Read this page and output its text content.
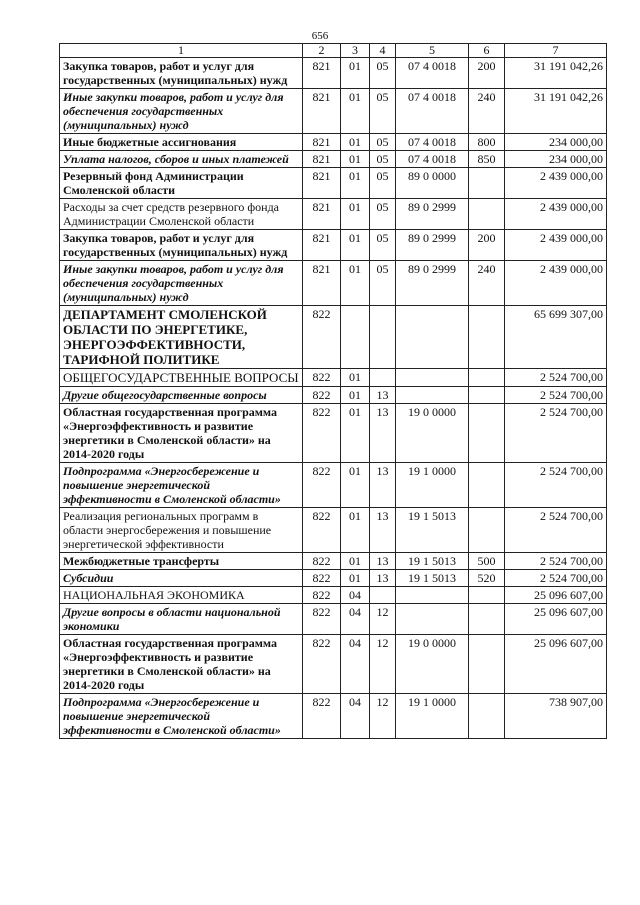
656
1	2	3	4	5	6	7
Закупка товаров, работ и услуг для государственных (муниципальных) нужд	821	01	05	07 4 0018	200	31 191 042,26
Иные закупки товаров, работ и услуг для обеспечения государственных (муниципальных) нужд	821	01	05	07 4 0018	240	31 191 042,26
Иные бюджетные ассигнования	821	01	05	07 4 0018	800	234 000,00
Уплата налогов, сборов и иных платежей	821	01	05	07 4 0018	850	234 000,00
Резервный фонд Администрации Смоленской области	821	01	05	89 0 0000		2 439 000,00
Расходы за счет средств резервного фонда Администрации Смоленской области	821	01	05	89 0 2999		2 439 000,00
Закупка товаров, работ и услуг для государственных (муниципальных) нужд	821	01	05	89 0 2999	200	2 439 000,00
Иные закупки товаров, работ и услуг для обеспечения государственных (муниципальных) нужд	821	01	05	89 0 2999	240	2 439 000,00
ДЕПАРТАМЕНТ СМОЛЕНСКОЙ ОБЛАСТИ ПО ЭНЕРГЕТИКЕ, ЭНЕРГОЭФФЕКТИВНОСТИ, ТАРИФНОЙ ПОЛИТИКЕ	822					65 699 307,00
ОБЩЕГОСУДАРСТВЕННЫЕ ВОПРОСЫ	822	01				2 524 700,00
Другие общегосударственные вопросы	822	01	13			2 524 700,00
Областная государственная программа «Энергоэффективность и развитие энергетики в Смоленской области» на 2014-2020 годы	822	01	13	19 0 0000		2 524 700,00
Подпрограмма «Энергосбережение и повышение энергетической эффективности в Смоленской области»	822	01	13	19 1 0000		2 524 700,00
Реализация региональных программ в области энергосбережения и повышение энергетической эффективности	822	01	13	19 1 5013		2 524 700,00
Межбюджетные трансферты	822	01	13	19 1 5013	500	2 524 700,00
Субсидии	822	01	13	19 1 5013	520	2 524 700,00
НАЦИОНАЛЬНАЯ ЭКОНОМИКА	822	04				25 096 607,00
Другие вопросы в области национальной экономики	822	04	12			25 096 607,00
Областная государственная программа «Энергоэффективность и развитие энергетики в Смоленской области» на 2014-2020 годы	822	04	12	19 0 0000		25 096 607,00
Подпрограмма «Энергосбережение и повышение энергетической эффективности в Смоленской области»	822	04	12	19 1 0000		738 907,00
